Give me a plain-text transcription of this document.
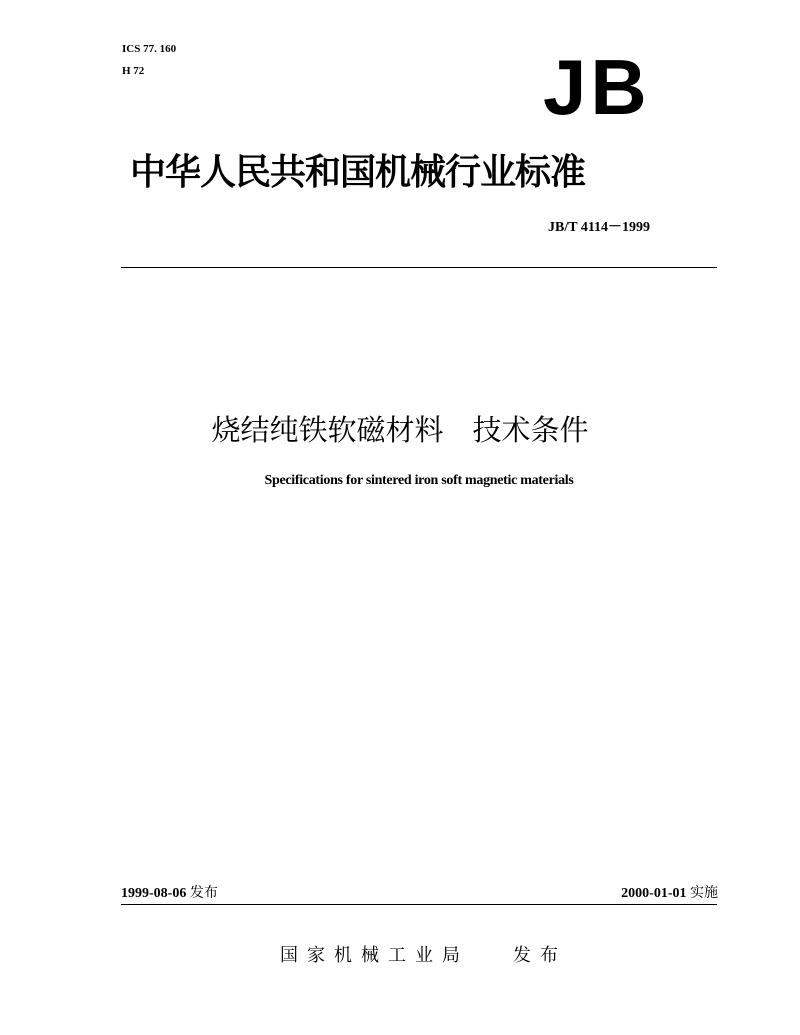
ICS 77. 160
H 72	JB
中华人民共和国机械行业标准
JB/T 4114－1999
烧结纯铁软磁材料　技术条件
Specifications for sintered iron soft magnetic materials
1999-08-06 发布	2000-01-01 实施
国家机械工业局 发布
